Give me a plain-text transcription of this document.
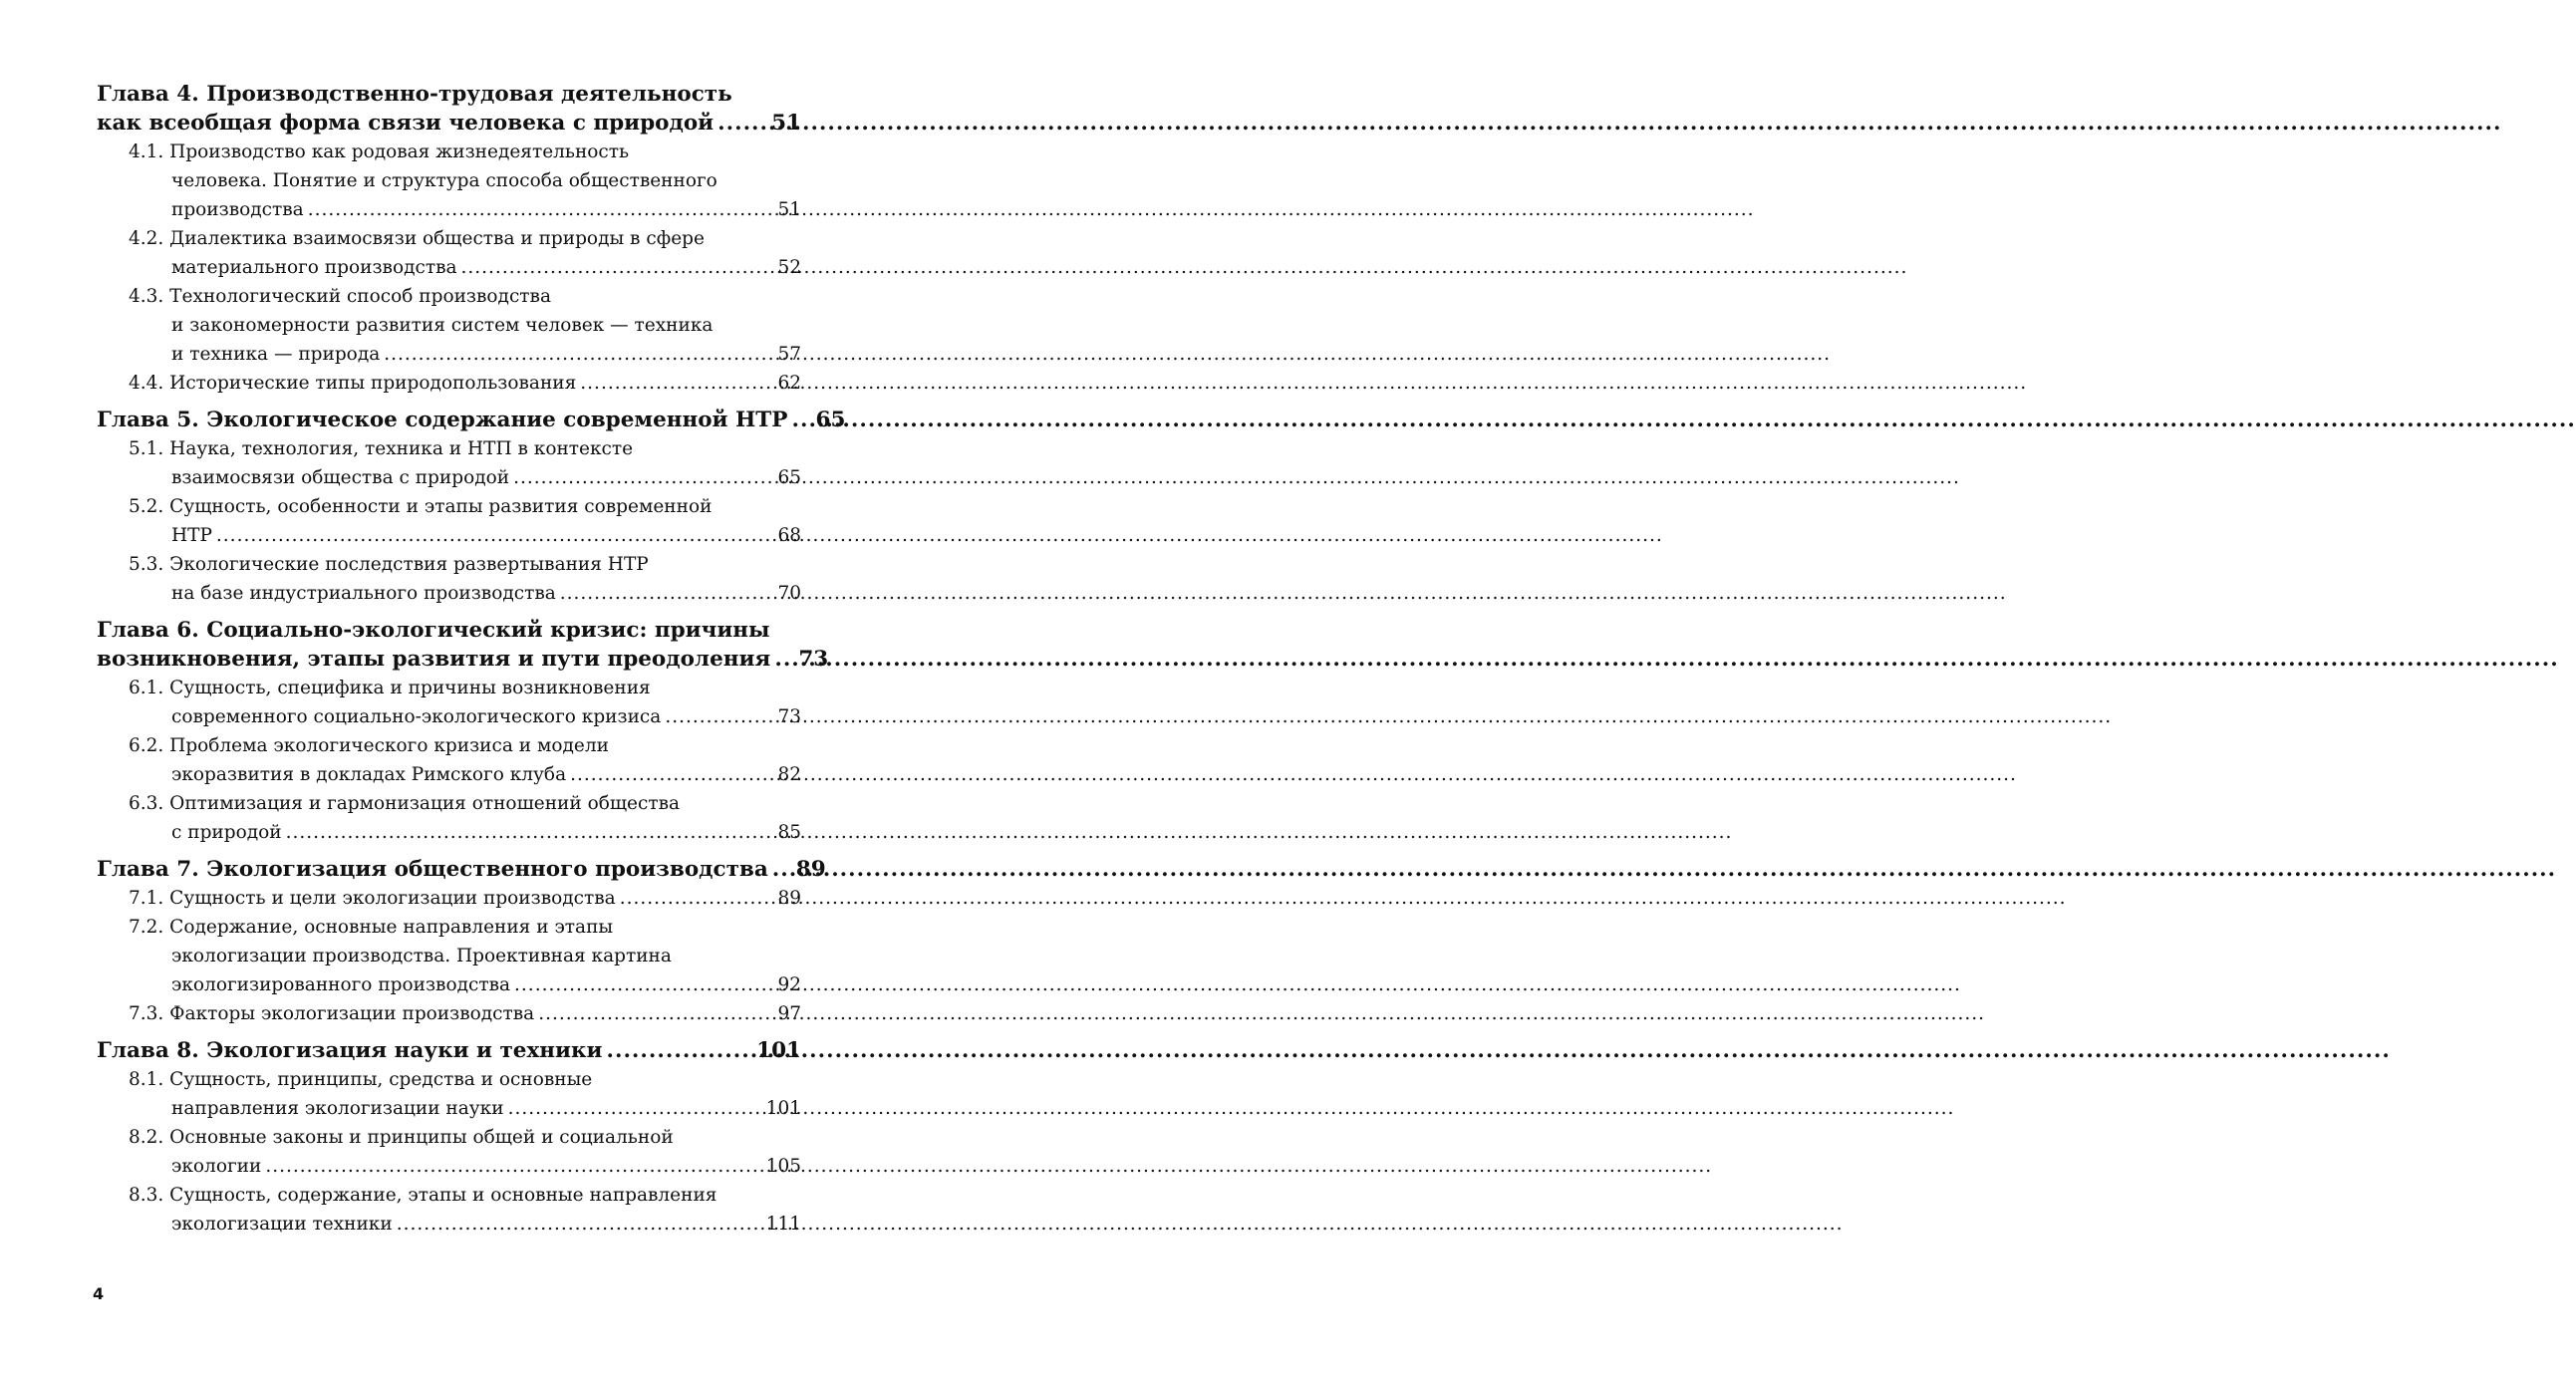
Глава 4. Производственно-трудовая деятельность
как всеобщая форма связи человека с природой .....	51
4.1. Производство как родовая жизнедеятельность
человека. Понятие и структура способа общественного
производства .....	51
4.2. Диалектика взаимосвязи общества и природы в сфере
материального производства .....	52
4.3. Технологический способ производства
и закономерности развития систем человек — техника
и техника — природа .....	57
4.4. Исторические типы природопользования .....	62
Глава 5. Экологическое содержание современной НТР ..... 65
5.1. Наука, технология, техника и НТП в контексте
взаимосвязи общества с природой .....	65
5.2. Сущность, особенности и этапы развития современной
НТР .....	68
5.3. Экологические последствия развертывания НТР
на базе индустриального производства .....	70
Глава 6. Социально-экологический кризис: причины
возникновения, этапы развития и пути преодоления ..... 73
6.1. Сущность, специфика и причины возникновения
современного социально-экологического кризиса .....	73
6.2. Проблема экологического кризиса и модели
экоразвития в докладах Римского клуба .....	82
6.3. Оптимизация и гармонизация отношений общества
с природой .....	85
Глава 7. Экологизация общественного производства ..... 89
7.1. Сущность и цели экологизации производства .....	89
7.2. Содержание, основные направления и этапы
экологизации производства. Проективная картина
экологизированного производства .....	92
7.3. Факторы экологизации производства .....	97
Глава 8. Экологизация науки и техники .....	101
8.1. Сущность, принципы, средства и основные
направления экологизации науки .....	101
8.2. Основные законы и принципы общей и социальной
экологии .....	105
8.3. Сущность, содержание, этапы и основные направления
экологизации техники .....	111
4
